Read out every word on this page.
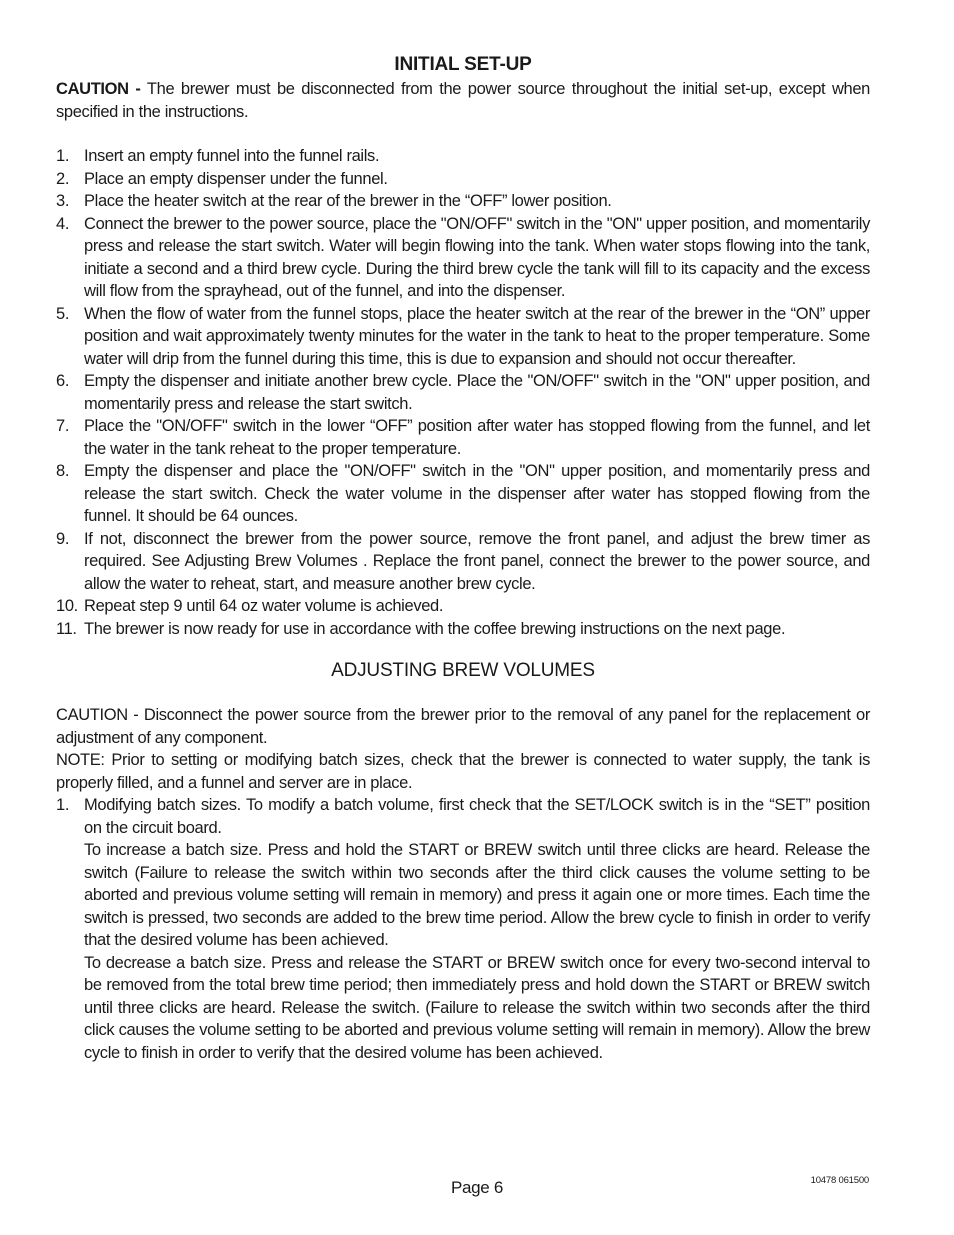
INITIAL SET-UP

CAUTION - The brewer must be disconnected from the power source throughout the initial set-up, except when specified in the instructions.

1. Insert an empty funnel into the funnel rails.
2. Place an empty dispenser under the funnel.
3. Place the heater switch at the rear of the brewer in the “OFF” lower position.
4. Connect the brewer to the power source, place the "ON/OFF" switch in the "ON" upper position, and momentarily press and release the start switch. Water will begin flowing into the tank. When water stops flowing into the tank, initiate a second and a third brew cycle. During the third brew cycle the tank will fill to its capacity and the excess will flow from the sprayhead, out of the funnel, and into the dispenser.
5. When the flow of water from the funnel stops, place the heater switch at the rear of the brewer in the “ON” upper position and wait approximately twenty minutes for the water in the tank to heat to the proper temperature. Some water will drip from the funnel during this time, this is due to expansion and should not occur thereafter.
6. Empty the dispenser and initiate another brew cycle. Place the "ON/OFF" switch in the "ON" upper position, and momentarily press and release the start switch.
7. Place the "ON/OFF" switch in the lower “OFF” position after water has stopped flowing from the funnel, and let the water in the tank reheat to the proper temperature.
8. Empty the dispenser and place the "ON/OFF" switch in the "ON" upper position, and momentarily press and release the start switch. Check the water volume in the dispenser after water has stopped flowing from the funnel. It should be 64 ounces.
9. If not, disconnect the brewer from the power source, remove the front panel, and adjust the brew timer as required. See Adjusting Brew Volumes . Replace the front panel, connect the brewer to the power source, and allow the water to reheat, start, and measure another brew cycle.
10. Repeat step 9 until 64 oz water volume is achieved.
11. The brewer is now ready for use in accordance with the coffee brewing instructions on the next page.
ADJUSTING BREW VOLUMES

CAUTION - Disconnect the power source from the brewer prior to the removal of any panel for the replacement or adjustment of any component.

NOTE: Prior to setting or modifying batch sizes, check that the brewer is connected to water supply, the tank is properly filled, and a funnel and server are in place.

1. Modifying batch sizes. To modify a batch volume, first check that the SET/LOCK switch is in the “SET” position on the circuit board.

To increase a batch size. Press and hold the START or BREW switch until three clicks are heard. Release the switch (Failure to release the switch within two seconds after the third click causes the volume setting to be aborted and previous volume setting will remain in memory) and press it again one or more times. Each time the switch is pressed, two seconds are added to the brew time period. Allow the brew cycle to finish in order to verify that the desired volume has been achieved.

To decrease a batch size. Press and release the START or BREW switch once for every two-second interval to be removed from the total brew time period; then immediately press and hold down the START or BREW switch until three clicks are heard. Release the switch. (Failure to release the switch within two seconds after the third click causes the volume setting to be aborted and previous volume setting will remain in memory). Allow the brew cycle to finish in order to verify that the desired volume has been achieved.

Page 6	10478 061500
